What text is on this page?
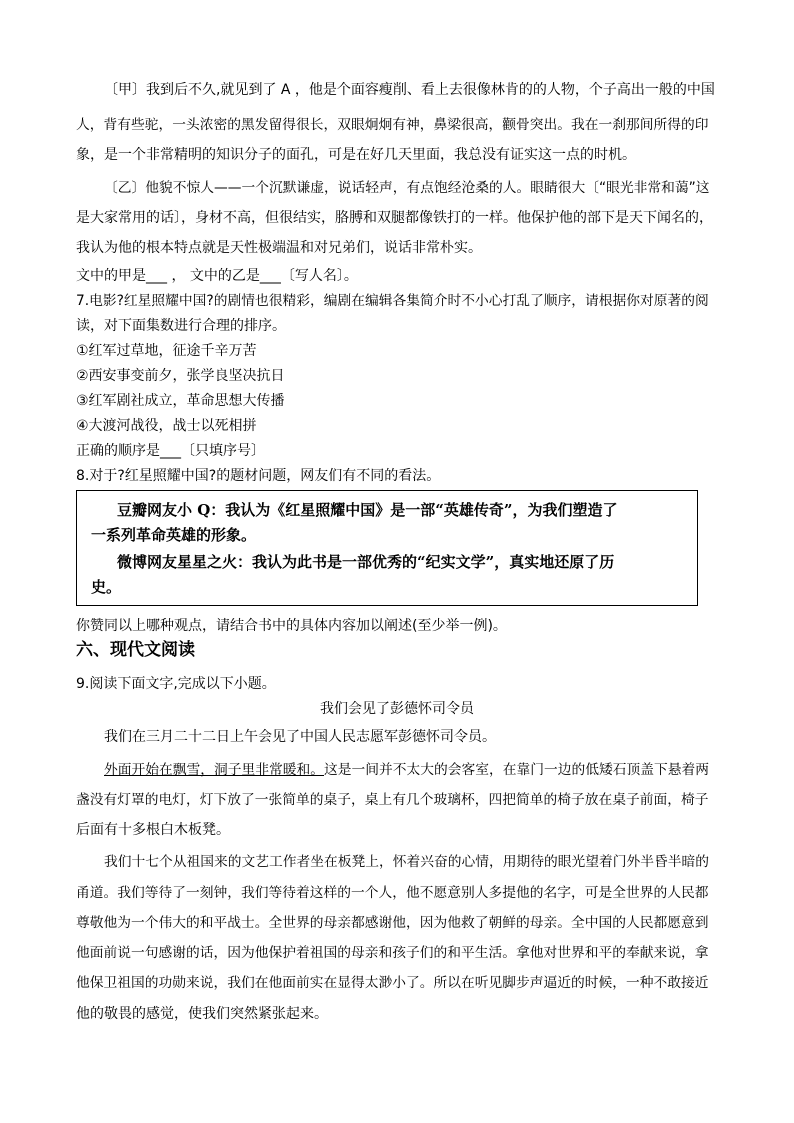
〔甲〕我到后不久,就见到了 A ，他是个面容瘦削、看上去很像林肯的的人物，个子高出一般的中国
人，背有些驼，一头浓密的黑发留得很长，双眼炯炯有神，鼻梁很高，颧骨突出。我在一刹那间所得的印
象，是一个非常精明的知识分子的面孔，可是在好几天里面，我总没有证实这一点的时机。
〔乙〕他貌不惊人——一个沉默谦虚，说话轻声，有点饱经沧桑的人。眼睛很大〔“眼光非常和蔼”这
是大家常用的话〕，身材不高，但很结实，胳膊和双腿都像铁打的一样。他保护他的部下是天下闻名的，
我认为他的根本特点就是天性极端温和对兄弟们，说话非常朴实。
文中的甲是___ ， 文中的乙是___〔写人名〕。
7.电影?红星照耀中国?的剧情也很精彩，编剧在编辑各集简介时不小心打乱了顺序，请根据你对原著的阅
读，对下面集数进行合理的排序。
①红军过草地，征途千辛万苦
②西安事变前夕，张学良坚决抗日
③红军剧社成立，革命思想大传播
④大渡河战役，战士以死相拼
正确的顺序是___〔只填序号〕
8.对于?红星照耀中国?的题材问题，网友们有不同的看法。
豆瓣网友小 Q：我认为《红星照耀中国》是一部“英雄传奇”，为我们塑造了
一系列革命英雄的形象。
微博网友星星之火：我认为此书是一部优秀的“纪实文学”，真实地还原了历
史。
你赞同以上哪种观点，请结合书中的具体内容加以阐述(至少举一例)。
六、现代文阅读
9.阅读下面文字,完成以下小题。
我们会见了彭德怀司令员
我们在三月二十二日上午会见了中国人民志愿军彭德怀司令员。
外面开始在飘雪，洞子里非常暖和。这是一间并不太大的会客室，在靠门一边的低矮石顶盖下悬着两
盏没有灯罩的电灯，灯下放了一张简单的桌子，桌上有几个玻璃杯，四把简单的椅子放在桌子前面，椅子
后面有十多根白木板凳。
我们十七个从祖国来的文艺工作者坐在板凳上，怀着兴奋的心情，用期待的眼光望着门外半昏半暗的
甬道。我们等待了一刻钟，我们等待着这样的一个人，他不愿意别人多提他的名字，可是全世界的人民都
尊敬他为一个伟大的和平战士。全世界的母亲都感谢他，因为他救了朝鲜的母亲。全中国的人民都愿意到
他面前说一句感谢的话，因为他保护着祖国的母亲和孩子们的和平生活。拿他对世界和平的奉献来说，拿
他保卫祖国的功勋来说，我们在他面前实在显得太渺小了。所以在听见脚步声逼近的时候，一种不敢接近
他的敬畏的感觉，使我们突然紧张起来。
